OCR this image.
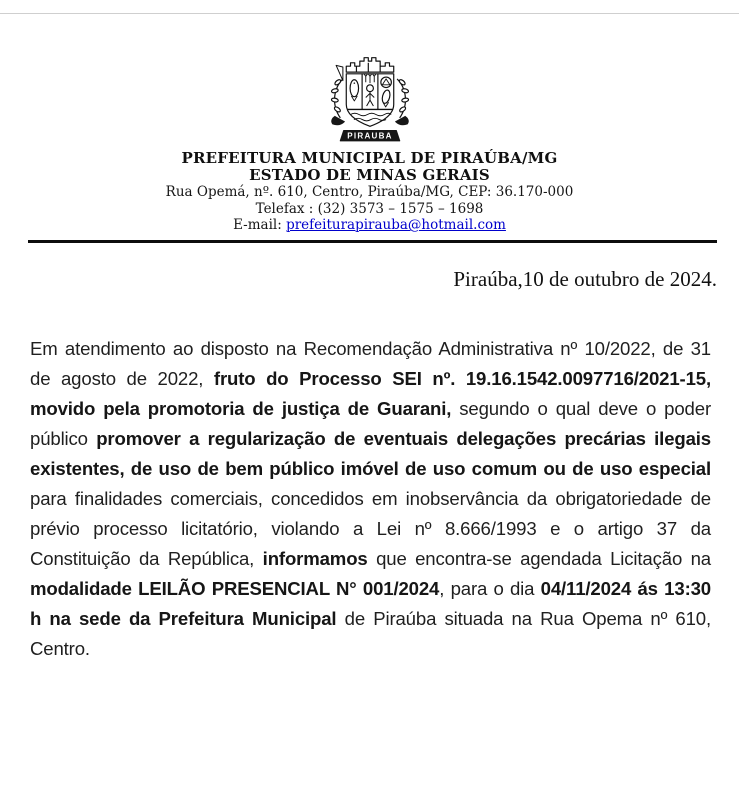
PIRAUBA
PREFEITURA MUNICIPAL DE PIRAÚBA/MG
ESTADO DE MINAS GERAIS
Rua Opemá, nº. 610, Centro, Piraúba/MG, CEP: 36.170-000
Telefax : (32) 3573 – 1575 – 1698
E-mail: prefeiturapirauba@hotmail.com

Piraúba,10 de outubro de 2024.

Em atendimento ao disposto na Recomendação Administrativa nº 10/2022, de 31 de agosto de 2022, fruto do Processo SEI nº. 19.16.1542.0097716/2021-15, movido pela promotoria de justiça de Guarani, segundo o qual deve o poder público promover a regularização de eventuais delegações precárias ilegais existentes, de uso de bem público imóvel de uso comum ou de uso especial para finalidades comerciais, concedidos em inobservância da obrigatoriedade de prévio processo licitatório, violando a Lei nº 8.666/1993 e o artigo 37 da Constituição da República, informamos que encontra-se agendada Licitação na modalidade LEILÃO PRESENCIAL N° 001/2024, para o dia 04/11/2024 ás 13:30 h na sede da Prefeitura Municipal de Piraúba situada na Rua Opema nº 610, Centro.
